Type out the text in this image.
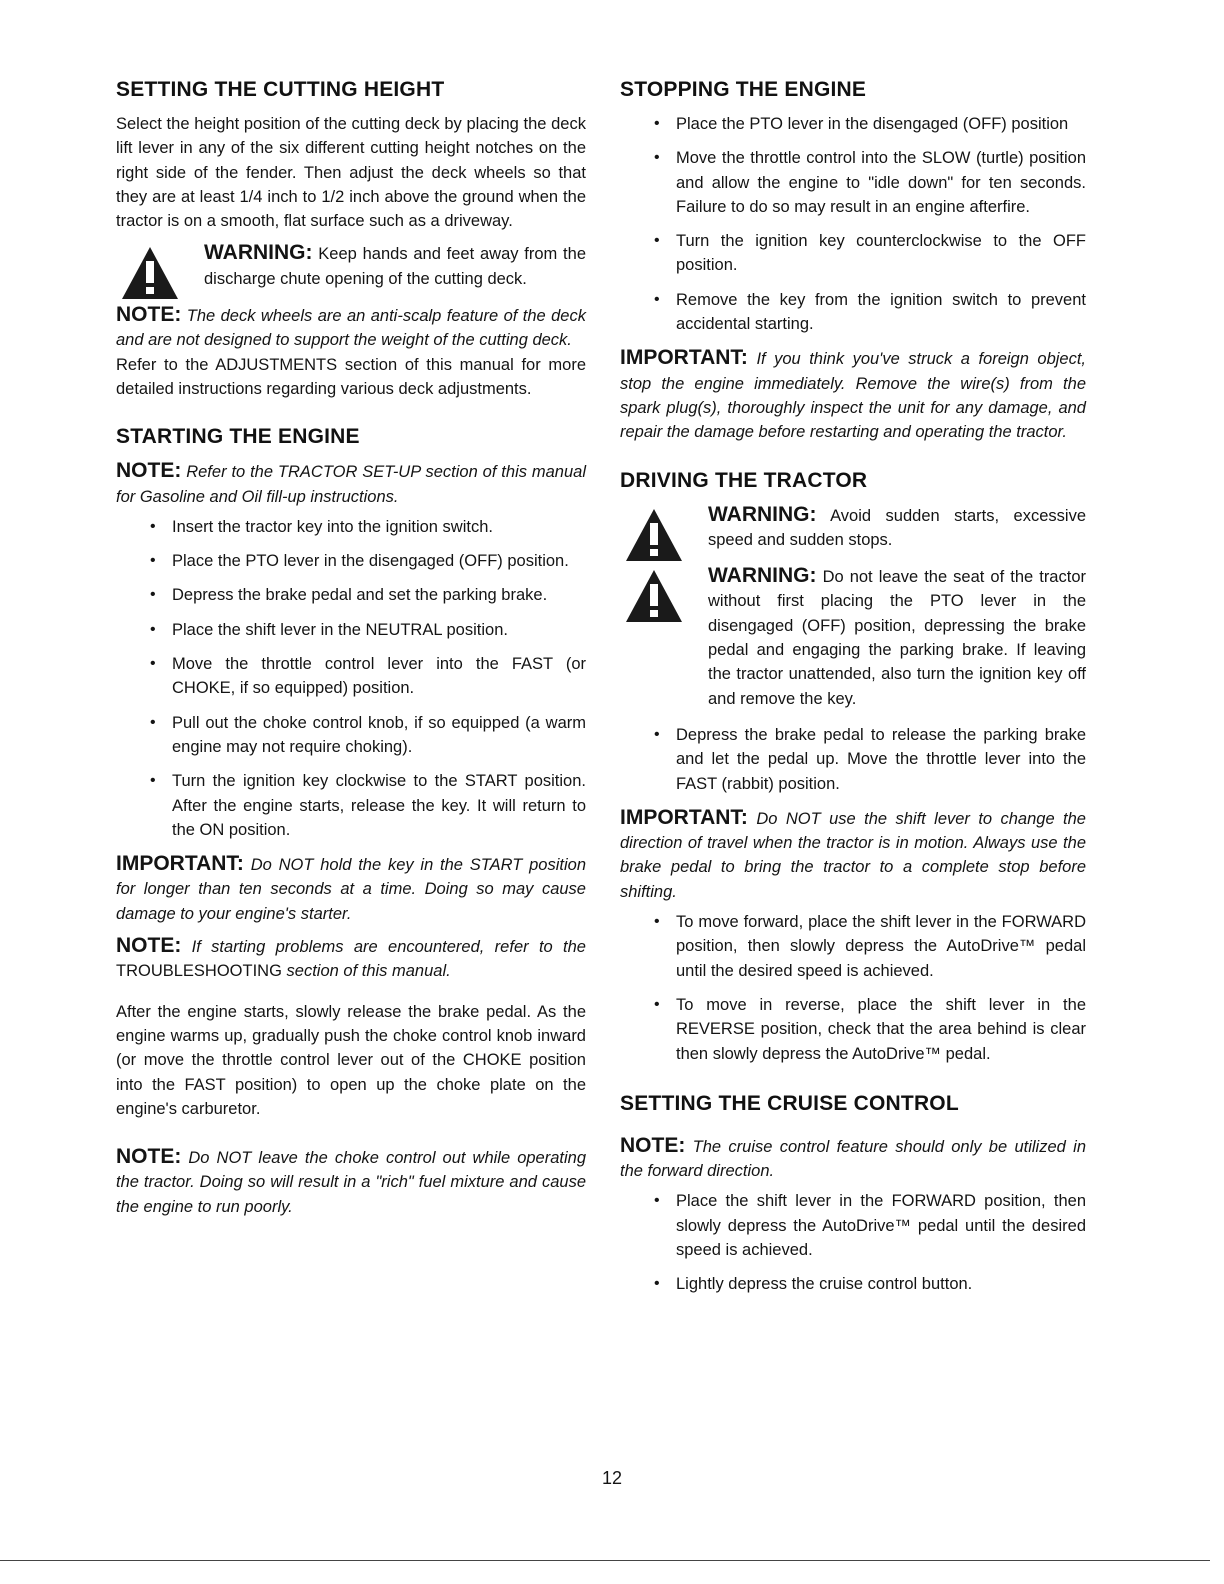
SETTING THE CUTTING HEIGHT

Select the height position of the cutting deck by placing the deck lift lever in any of the six different cutting height notches on the right side of the fender. Then adjust the deck wheels so that they are at least 1/4 inch to 1/2 inch above the ground when the tractor is on a smooth, flat surface such as a driveway.

WARNING: Keep hands and feet away from the discharge chute opening of the cutting deck.

NOTE: The deck wheels are an anti-scalp feature of the deck and are not designed to support the weight of the cutting deck.

Refer to the ADJUSTMENTS section of this manual for more detailed instructions regarding various deck adjustments.

STARTING THE ENGINE

NOTE: Refer to the TRACTOR SET-UP section of this manual for Gasoline and Oil fill-up instructions.

• Insert the tractor key into the ignition switch.
• Place the PTO lever in the disengaged (OFF) position.
• Depress the brake pedal and set the parking brake.
• Place the shift lever in the NEUTRAL position.
• Move the throttle control lever into the FAST (or CHOKE, if so equipped) position.
• Pull out the choke control knob, if so equipped (a warm engine may not require choking).
• Turn the ignition key clockwise to the START position. After the engine starts, release the key. It will return to the ON position.

IMPORTANT: Do NOT hold the key in the START position for longer than ten seconds at a time. Doing so may cause damage to your engine's starter.

NOTE: If starting problems are encountered, refer to the TROUBLESHOOTING section of this manual.

After the engine starts, slowly release the brake pedal. As the engine warms up, gradually push the choke control knob inward (or move the throttle control lever out of the CHOKE position into the FAST position) to open up the choke plate on the engine's carburetor.

NOTE: Do NOT leave the choke control out while operating the tractor. Doing so will result in a "rich" fuel mixture and cause the engine to run poorly.

STOPPING THE ENGINE
• Place the PTO lever in the disengaged (OFF) position
• Move the throttle control into the SLOW (turtle) position and allow the engine to "idle down" for ten seconds. Failure to do so may result in an engine afterfire.
• Turn the ignition key counterclockwise to the OFF position.
• Remove the key from the ignition switch to prevent accidental starting.

IMPORTANT: If you think you've struck a foreign object, stop the engine immediately. Remove the wire(s) from the spark plug(s), thoroughly inspect the unit for any damage, and repair the damage before restarting and operating the tractor.

DRIVING THE TRACTOR

WARNING: Avoid sudden starts, excessive speed and sudden stops.

WARNING: Do not leave the seat of the tractor without first placing the PTO lever in the disengaged (OFF) position, depressing the brake pedal and engaging the parking brake. If leaving the tractor unattended, also turn the ignition key off and remove the key.

• Depress the brake pedal to release the parking brake and let the pedal up. Move the throttle lever into the FAST (rabbit) position.

IMPORTANT: Do NOT use the shift lever to change the direction of travel when the tractor is in motion. Always use the brake pedal to bring the tractor to a complete stop before shifting.

• To move forward, place the shift lever in the FORWARD position, then slowly depress the AutoDrive™ pedal until the desired speed is achieved.
• To move in reverse, place the shift lever in the REVERSE position, check that the area behind is clear then slowly depress the AutoDrive™ pedal.
SETTING THE CRUISE CONTROL

NOTE: The cruise control feature should only be utilized in the forward direction.

• Place the shift lever in the FORWARD position, then slowly depress the AutoDrive™ pedal until the desired speed is achieved.
• Lightly depress the cruise control button.
12
